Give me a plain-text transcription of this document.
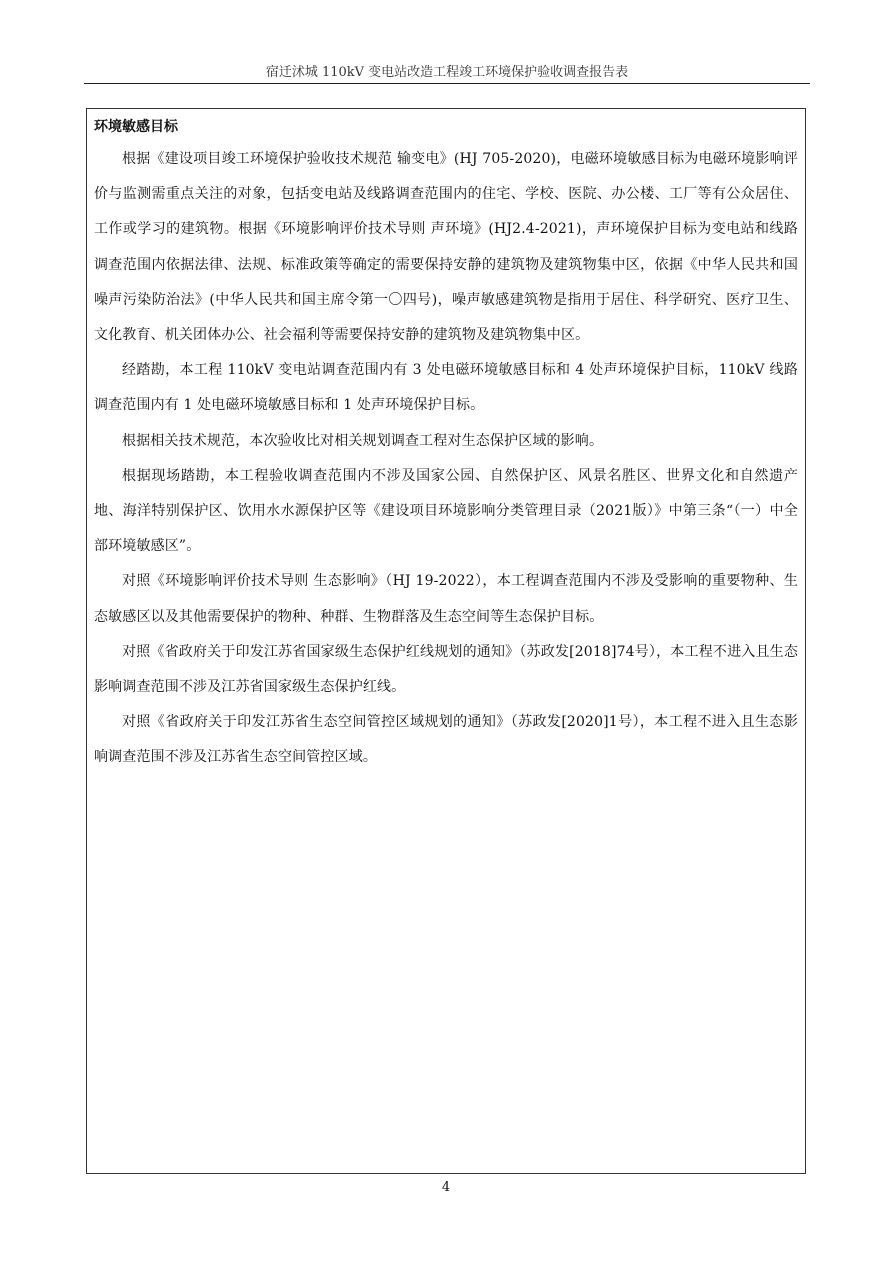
宿迁沭城 110kV 变电站改造工程竣工环境保护验收调查报告表
环境敏感目标

根据《建设项目竣工环境保护验收技术规范 输变电》(HJ 705-2020)，电磁环境敏感目标为电磁环境影响评价与监测需重点关注的对象，包括变电站及线路调查范围内的住宅、学校、医院、办公楼、工厂等有公众居住、工作或学习的建筑物。根据《环境影响评价技术导则 声环境》(HJ2.4-2021)，声环境保护目标为变电站和线路调查范围内依据法律、法规、标准政策等确定的需要保持安静的建筑物及建筑物集中区，依据《中华人民共和国噪声污染防治法》(中华人民共和国主席令第一〇四号)，噪声敏感建筑物是指用于居住、科学研究、医疗卫生、文化教育、机关团体办公、社会福利等需要保持安静的建筑物及建筑物集中区。

经踏勘，本工程 110kV 变电站调查范围内有 3 处电磁环境敏感目标和 4 处声环境保护目标，110kV 线路调查范围内有 1 处电磁环境敏感目标和 1 处声环境保护目标。

根据相关技术规范，本次验收比对相关规划调查工程对生态保护区域的影响。

根据现场踏勘，本工程验收调查范围内不涉及国家公园、自然保护区、风景名胜区、世界文化和自然遗产地、海洋特别保护区、饮用水水源保护区等《建设项目环境影响分类管理目录（2021版）》中第三条“（一）中全部环境敏感区”。

对照《环境影响评价技术导则 生态影响》（HJ 19-2022），本工程调查范围内不涉及受影响的重要物种、生态敏感区以及其他需要保护的物种、种群、生物群落及生态空间等生态保护目标。

对照《省政府关于印发江苏省国家级生态保护红线规划的通知》（苏政发[2018]74号），本工程不进入且生态影响调查范围不涉及江苏省国家级生态保护红线。

对照《省政府关于印发江苏省生态空间管控区域规划的通知》（苏政发[2020]1号），本工程不进入且生态影响调查范围不涉及江苏省生态空间管控区域。

4
